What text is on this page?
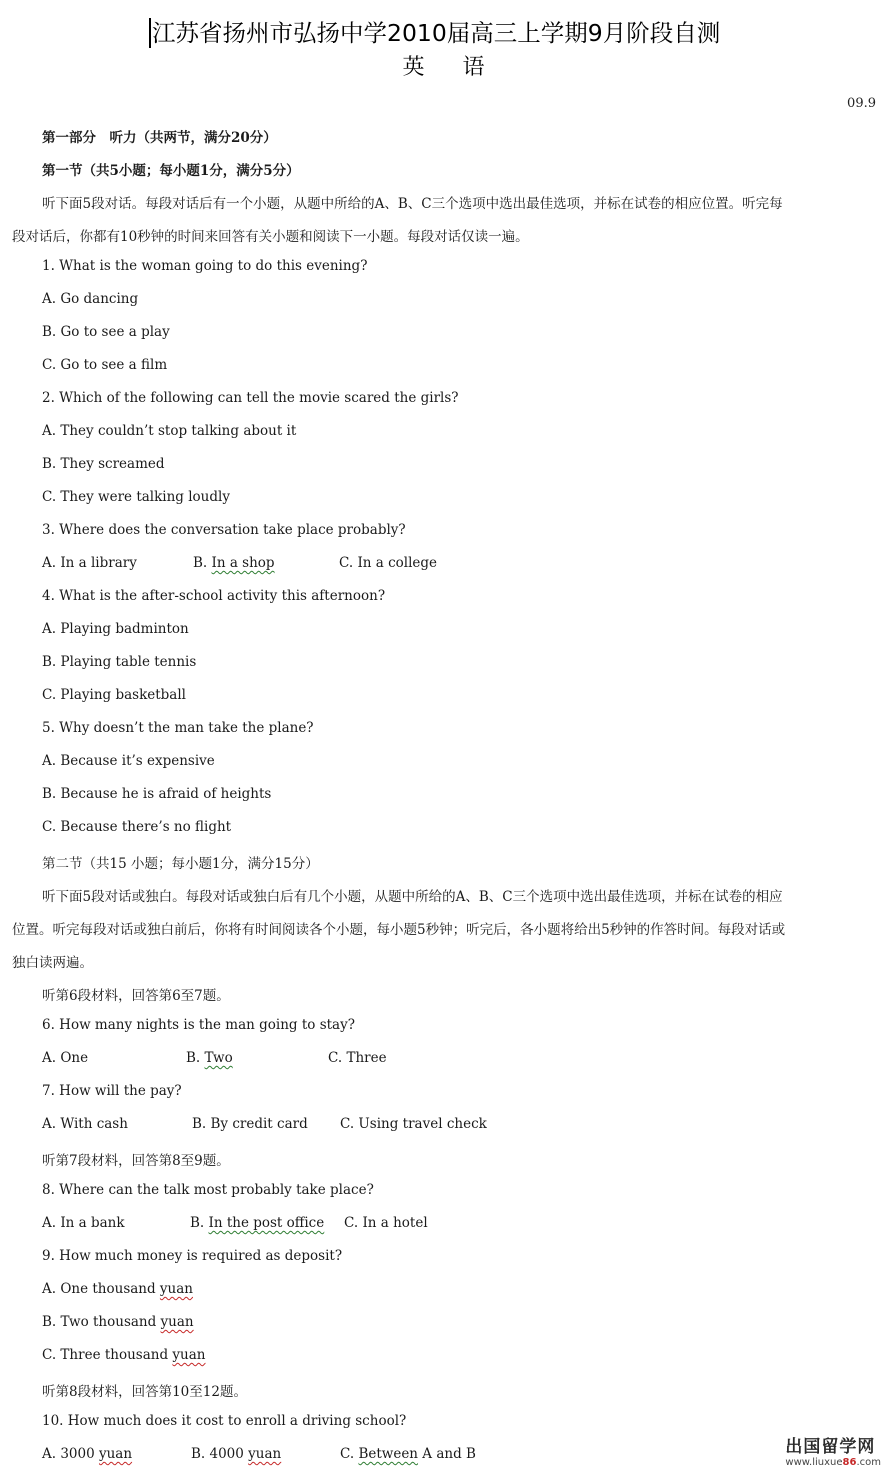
江苏省扬州市弘扬中学2010届高三上学期9月阶段自测
英语
09.9
第一部分　听力（共两节，满分20分）
第一节（共5小题；每小题1分，满分5分）
听下面5段对话。每段对话后有一个小题，从题中所给的A、B、C三个选项中选出最佳选项，并标在试卷的相应位置。听完每
段对话后，你都有10秒钟的时间来回答有关小题和阅读下一小题。每段对话仅读一遍。
1. What is the woman going to do this evening?
A. Go dancing
B. Go to see a play
C. Go to see a film
2. Which of the following can tell the movie scared the girls?
A. They couldn’t stop talking about it
B. They screamed
C. They were talking loudly
3. Where does the conversation take place probably?
A. In a library	B. In a shop	C. In a college
4. What is the after-school activity this afternoon?
A. Playing badminton
B. Playing table tennis
C. Playing basketball
5. Why doesn’t the man take the plane?
A. Because it’s expensive
B. Because he is afraid of heights
C. Because there’s no flight
第二节（共15 小题；每小题1分，满分15分）
听下面5段对话或独白。每段对话或独白后有几个小题，从题中所给的A、B、C三个选项中选出最佳选项，并标在试卷的相应
位置。听完每段对话或独白前后，你将有时间阅读各个小题，每小题5秒钟；听完后，各小题将给出5秒钟的作答时间。每段对话或
独白读两遍。
听第6段材料，回答第6至7题。
6. How many nights is the man going to stay?
A. One	B. Two	C. Three
7. How will the pay?
A. With cash	B. By credit card C. Using travel check
听第7段材料，回答第8至9题。
8. Where can the talk most probably take place?
A. In a bank	B. In the post office	C. In a hotel
9. How much money is required as deposit?
A. One thousand yuan
B. Two thousand yuan
C. Three thousand yuan
听第8段材料，回答第10至12题。
10. How much does it cost to enroll a driving school?
A. 3000 yuan	B. 4000 yuan	C. Between A and B	出国留学网
www.liuxue86.com
